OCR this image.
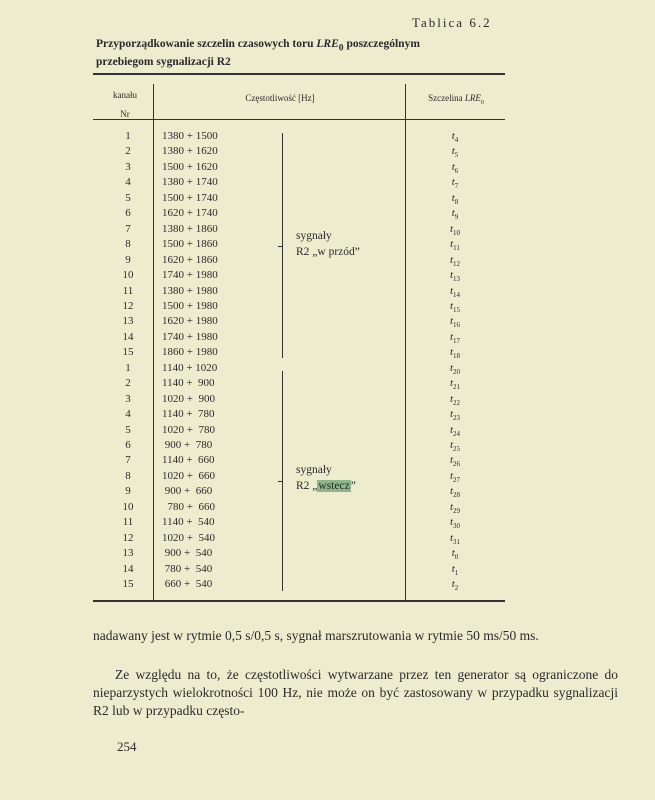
Tablica 6.2
Przyporządkowanie szczelin czasowych toru $LRE_0$ poszczególnym
przebiegom sygnalizacji R2
kanału
Nr
Częstotliwość [Hz]	Szczelina $LRE_0$
1	1380 + 1500	$t_4$
2	1380 + 1620	$t_5$
3	1500 + 1620	$t_6$
4	1380 + 1740	$t_7$
5	1500 + 1740	$t_8$
6	1620 + 1740	$t_9$
7	1380 + 1860	$t_{10}$
8	1500 + 1860	$t_{11}$
9	1620 + 1860	$t_{12}$
10	1740 + 1980	$t_{13}$
11	1380 + 1980	$t_{14}$
12	1500 + 1980	$t_{15}$
13	1620 + 1980	$t_{16}$
14	1740 + 1980	$t_{17}$
15	1860 + 1980	$t_{18}$
1	1140 + 1020	$t_{20}$
2	1140 +  900	$t_{21}$
3	1020 +  900	$t_{22}$
4	1140 +  780	$t_{23}$
5	1020 +  780	$t_{24}$
6	900 +  780	$t_{25}$
7	1140 +  660	$t_{26}$
8	1020 +  660	$t_{27}$
9	900 +  660	$t_{28}$
10	780 +  660	$t_{29}$
11	1140 +  540	$t_{30}$
12	1020 +  540	$t_{31}$
13	900 +  540	$t_0$
14	780 +  540	$t_1$
15	660 +  540	$t_2$
sygnały
R2 „w przód”
sygnały
R2 „wstecz”
nadawany jest w rytmie 0,5 s/0,5 s, sygnał marszrutowania w rytmie 50 ms/50 ms.
Ze względu na to, że częstotliwości wytwarzane przez ten generator są ograniczone do nieparzystych wielokrotności 100 Hz, nie może on być zastosowany w przypadku sygnalizacji R2 lub w przypadku często-
254
